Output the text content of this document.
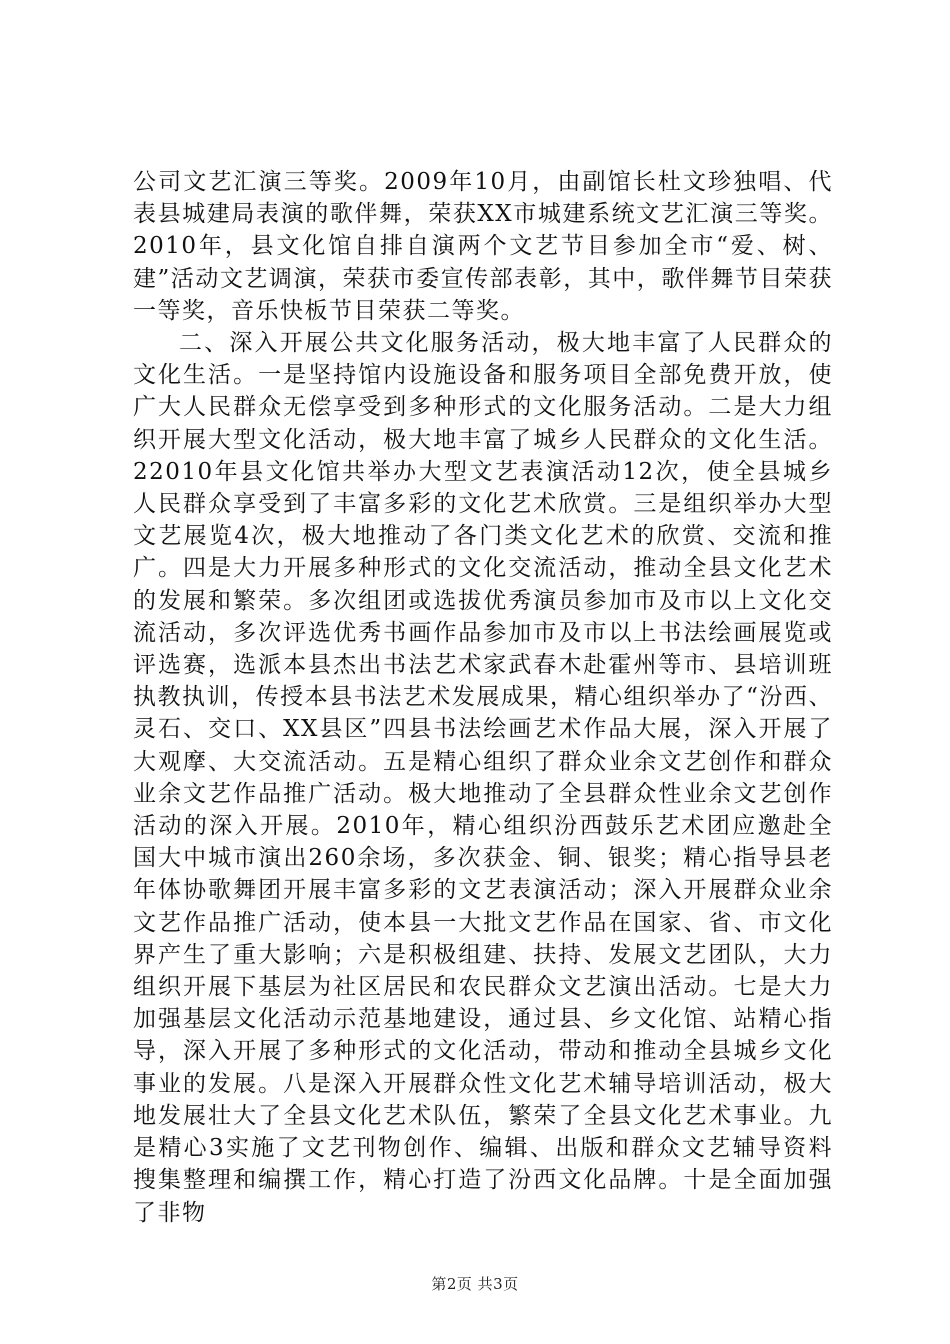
公司文艺汇演三等奖。2009年10月，由副馆长杜文珍独唱、代表县城建局表演的歌伴舞，荣获XX市城建系统文艺汇演三等奖。2010年，县文化馆自排自演两个文艺节目参加全市“爱、树、建”活动文艺调演，荣获市委宣传部表彰，其中，歌伴舞节目荣获一等奖，音乐快板节目荣获二等奖。

二、深入开展公共文化服务活动，极大地丰富了人民群众的文化生活。一是坚持馆内设施设备和服务项目全部免费开放，使广大人民群众无偿享受到多种形式的文化服务活动。二是大力组织开展大型文化活动，极大地丰富了城乡人民群众的文化生活。22010年县文化馆共举办大型文艺表演活动12次，使全县城乡人民群众享受到了丰富多彩的文化艺术欣赏。三是组织举办大型文艺展览4次，极大地推动了各门类文化艺术的欣赏、交流和推广。四是大力开展多种形式的文化交流活动，推动全县文化艺术的发展和繁荣。多次组团或选拔优秀演员参加市及市以上文化交流活动，多次评选优秀书画作品参加市及市以上书法绘画展览或评选赛，选派本县杰出书法艺术家武春木赴霍州等市、县培训班执教执训，传授本县书法艺术发展成果，精心组织举办了“汾西、灵石、交口、XX县区”四县书法绘画艺术作品大展，深入开展了大观摩、大交流活动。五是精心组织了群众业余文艺创作和群众业余文艺作品推广活动。极大地推动了全县群众性业余文艺创作活动的深入开展。2010年，精心组织汾西鼓乐艺术团应邀赴全国大中城市演出260余场，多次获金、铜、银奖；精心指导县老年体协歌舞团开展丰富多彩的文艺表演活动；深入开展群众业余文艺作品推广活动，使本县一大批文艺作品在国家、省、市文化界产生了重大影响；六是积极组建、扶持、发展文艺团队，大力组织开展下基层为社区居民和农民群众文艺演出活动。七是大力加强基层文化活动示范基地建设，通过县、乡文化馆、站精心指导，深入开展了多种形式的文化活动，带动和推动全县城乡文化事业的发展。八是深入开展群众性文化艺术辅导培训活动，极大地发展壮大了全县文化艺术队伍，繁荣了全县文化艺术事业。九是精心3实施了文艺刊物创作、编辑、出版和群众文艺辅导资料搜集整理和编撰工作，精心打造了汾西文化品牌。十是全面加强了非物

第2页 共3页
